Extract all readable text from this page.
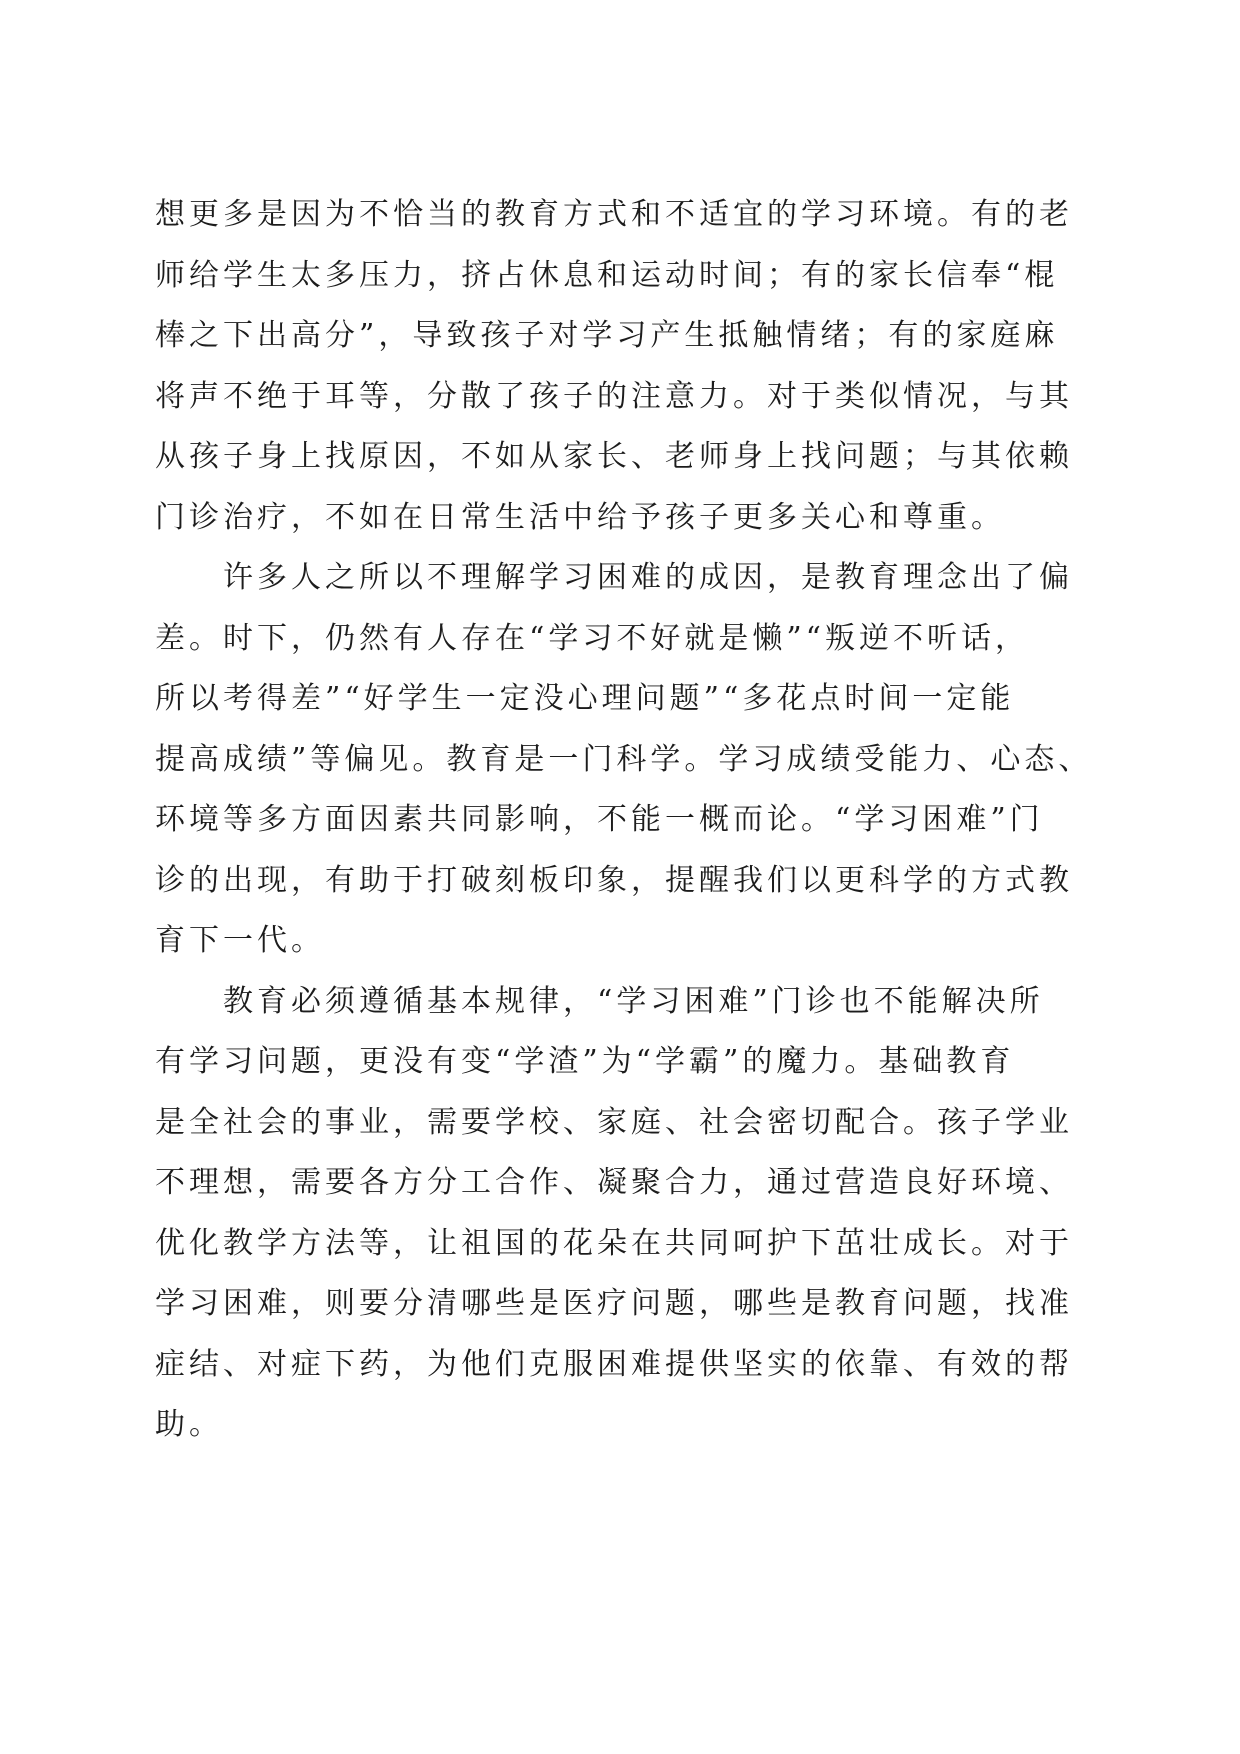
想更多是因为不恰当的教育方式和不适宜的学习环境。有的老
师给学生太多压力，挤占休息和运动时间；有的家长信奉“棍
棒之下出高分”，导致孩子对学习产生抵触情绪；有的家庭麻
将声不绝于耳等，分散了孩子的注意力。对于类似情况，与其
从孩子身上找原因，不如从家长、老师身上找问题；与其依赖
门诊治疗，不如在日常生活中给予孩子更多关心和尊重。
许多人之所以不理解学习困难的成因，是教育理念出了偏
差。时下，仍然有人存在“学习不好就是懒”“叛逆不听话，
所以考得差”“好学生一定没心理问题”“多花点时间一定能
提高成绩”等偏见。教育是一门科学。学习成绩受能力、心态、
环境等多方面因素共同影响，不能一概而论。“学习困难”门
诊的出现，有助于打破刻板印象，提醒我们以更科学的方式教
育下一代。
教育必须遵循基本规律，“学习困难”门诊也不能解决所
有学习问题，更没有变“学渣”为“学霸”的魔力。基础教育
是全社会的事业，需要学校、家庭、社会密切配合。孩子学业
不理想，需要各方分工合作、凝聚合力，通过营造良好环境、
优化教学方法等，让祖国的花朵在共同呵护下茁壮成长。对于
学习困难，则要分清哪些是医疗问题，哪些是教育问题，找准
症结、对症下药，为他们克服困难提供坚实的依靠、有效的帮
助。
